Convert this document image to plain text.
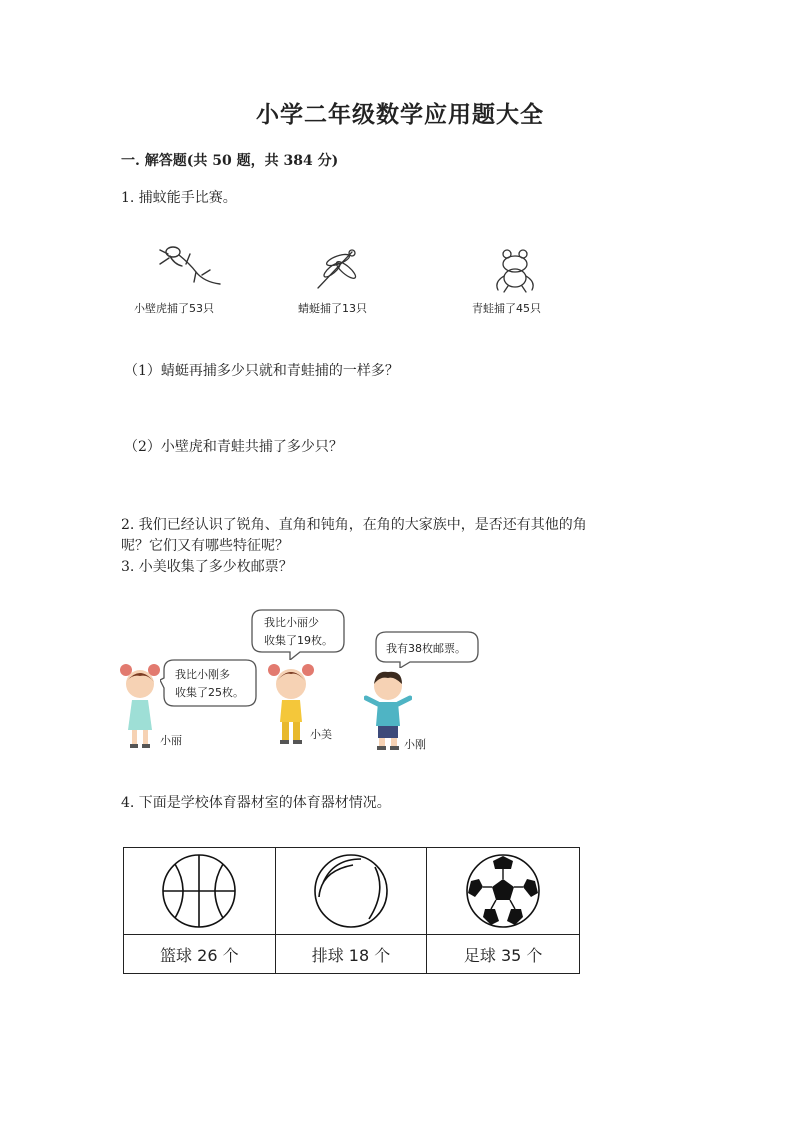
小学二年级数学应用题大全
一. 解答题(共 50 题，共 384 分)
1. 捕蚊能手比赛。
小壁虎捕了53只	蜻蜓捕了13只	青蛙捕了45只
（1）蜻蜓再捕多少只就和青蛙捕的一样多？
（2）小壁虎和青蛙共捕了多少只？
2. 我们已经认识了锐角、直角和钝角，在角的大家族中，是否还有其他的角
呢？它们又有哪些特征呢？
3. 小美收集了多少枚邮票？
我比小刚多
收集了25枚。
我比小丽少
收集了19枚。
我有38枚邮票。
小丽	小美
小刚
4. 下面是学校体育器材室的体育器材情况。
篮球 26 个	排球 18 个	足球 35 个
